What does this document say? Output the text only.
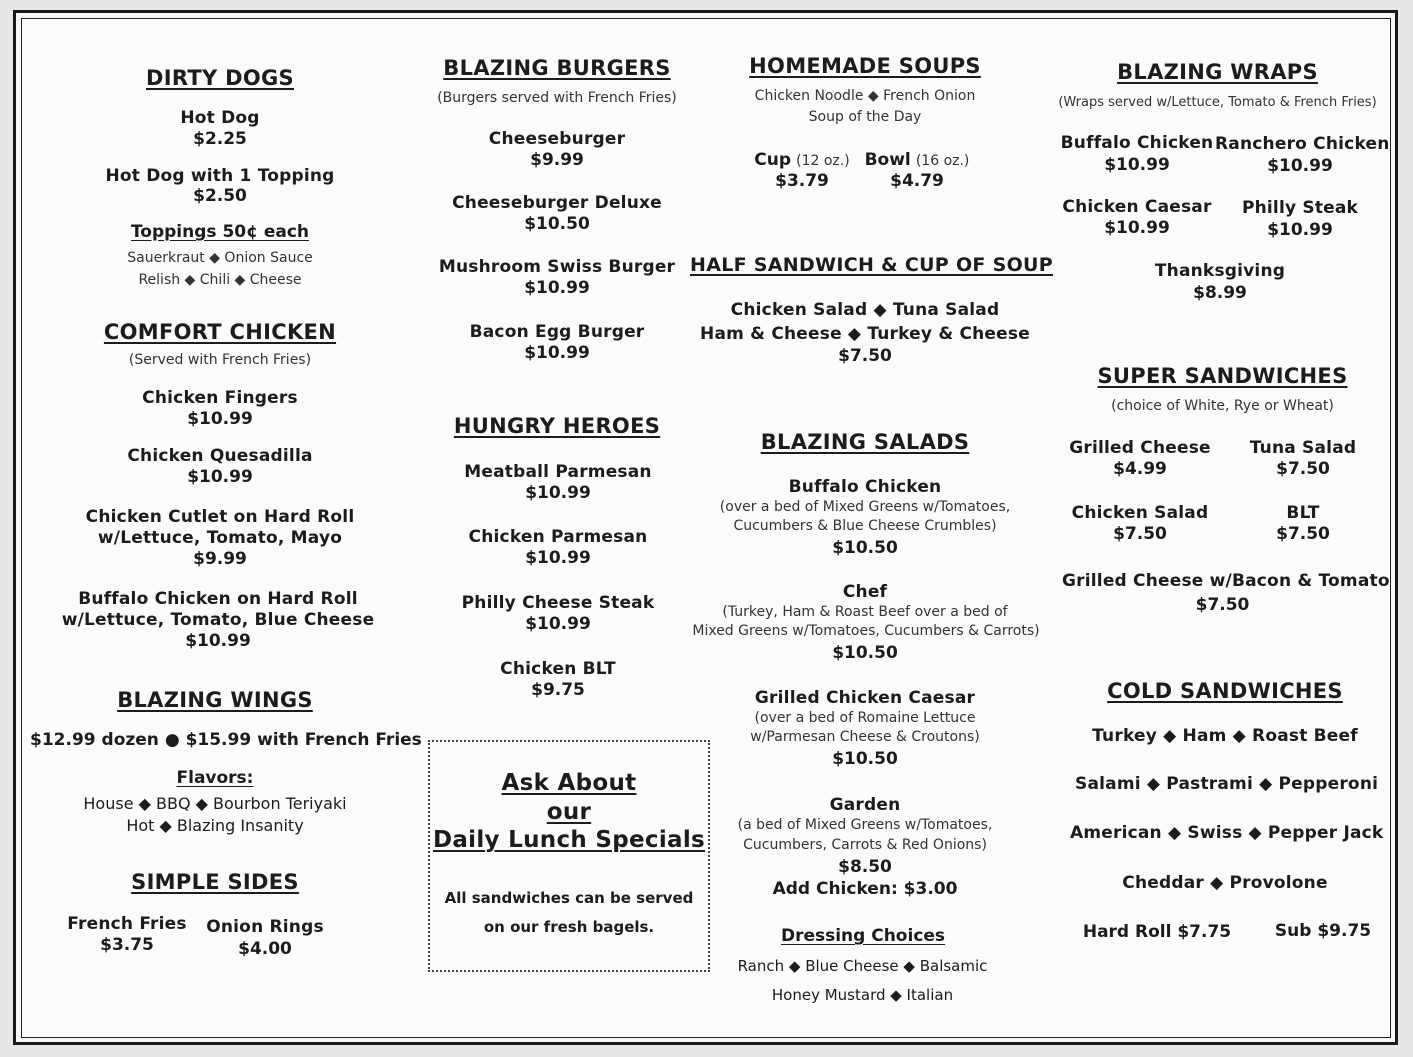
DIRTY DOGS
Hot Dog
$2.25
Hot Dog with 1 Topping
$2.50
Toppings 50¢ each
Sauerkraut ◆ Onion Sauce
Relish ◆ Chili ◆ Cheese
COMFORT CHICKEN
(Served with French Fries)
Chicken Fingers
$10.99
Chicken Quesadilla
$10.99
Chicken Cutlet on Hard Roll
w/Lettuce, Tomato, Mayo
$9.99
Buffalo Chicken on Hard Roll
w/Lettuce, Tomato, Blue Cheese
$10.99
BLAZING WINGS
$12.99 dozen ● $15.99 with French Fries
Flavors:
House ◆ BBQ ◆ Bourbon Teriyaki
Hot ◆ Blazing Insanity
SIMPLE SIDES
French Fries
$3.75
Onion Rings
$4.00
BLAZING BURGERS
(Burgers served with French Fries)
Cheeseburger
$9.99
Cheeseburger Deluxe
$10.50
Mushroom Swiss Burger
$10.99
Bacon Egg Burger
$10.99
HUNGRY HEROES
Meatball Parmesan
$10.99
Chicken Parmesan
$10.99
Philly Cheese Steak
$10.99
Chicken BLT
$9.75
Ask About
our
Daily Lunch Specials
All sandwiches can be served
on our fresh bagels.
HOMEMADE SOUPS
Chicken Noodle ◆ French Onion
Soup of the Day
Cup (12 oz.)
$3.79
Bowl (16 oz.)
$4.79
HALF SANDWICH & CUP OF SOUP
Chicken Salad ◆ Tuna Salad
Ham & Cheese ◆ Turkey & Cheese
$7.50
BLAZING SALADS
Buffalo Chicken
(over a bed of Mixed Greens w/Tomatoes,
Cucumbers & Blue Cheese Crumbles)
$10.50
Chef
(Turkey, Ham & Roast Beef over a bed of
Mixed Greens w/Tomatoes, Cucumbers & Carrots)
$10.50
Grilled Chicken Caesar
(over a bed of Romaine Lettuce
w/Parmesan Cheese & Croutons)
$10.50
Garden
(a bed of Mixed Greens w/Tomatoes,
Cucumbers, Carrots & Red Onions)
$8.50
Add Chicken: $3.00
Dressing Choices
Ranch ◆ Blue Cheese ◆ Balsamic
Honey Mustard ◆ Italian
BLAZING WRAPS
(Wraps served w/Lettuce, Tomato & French Fries)
Buffalo Chicken
$10.99
Ranchero Chicken
$10.99
Chicken Caesar
$10.99
Philly Steak
$10.99
Thanksgiving
$8.99
SUPER SANDWICHES
(choice of White, Rye or Wheat)
Grilled Cheese
$4.99
Tuna Salad
$7.50
Chicken Salad
$7.50
BLT
$7.50
Grilled Cheese w/Bacon & Tomato
$7.50
COLD SANDWICHES
Turkey ◆ Ham ◆ Roast Beef
Salami ◆ Pastrami ◆ Pepperoni
American ◆ Swiss ◆ Pepper Jack
Cheddar ◆ Provolone
Hard Roll $7.75	Sub $9.75
